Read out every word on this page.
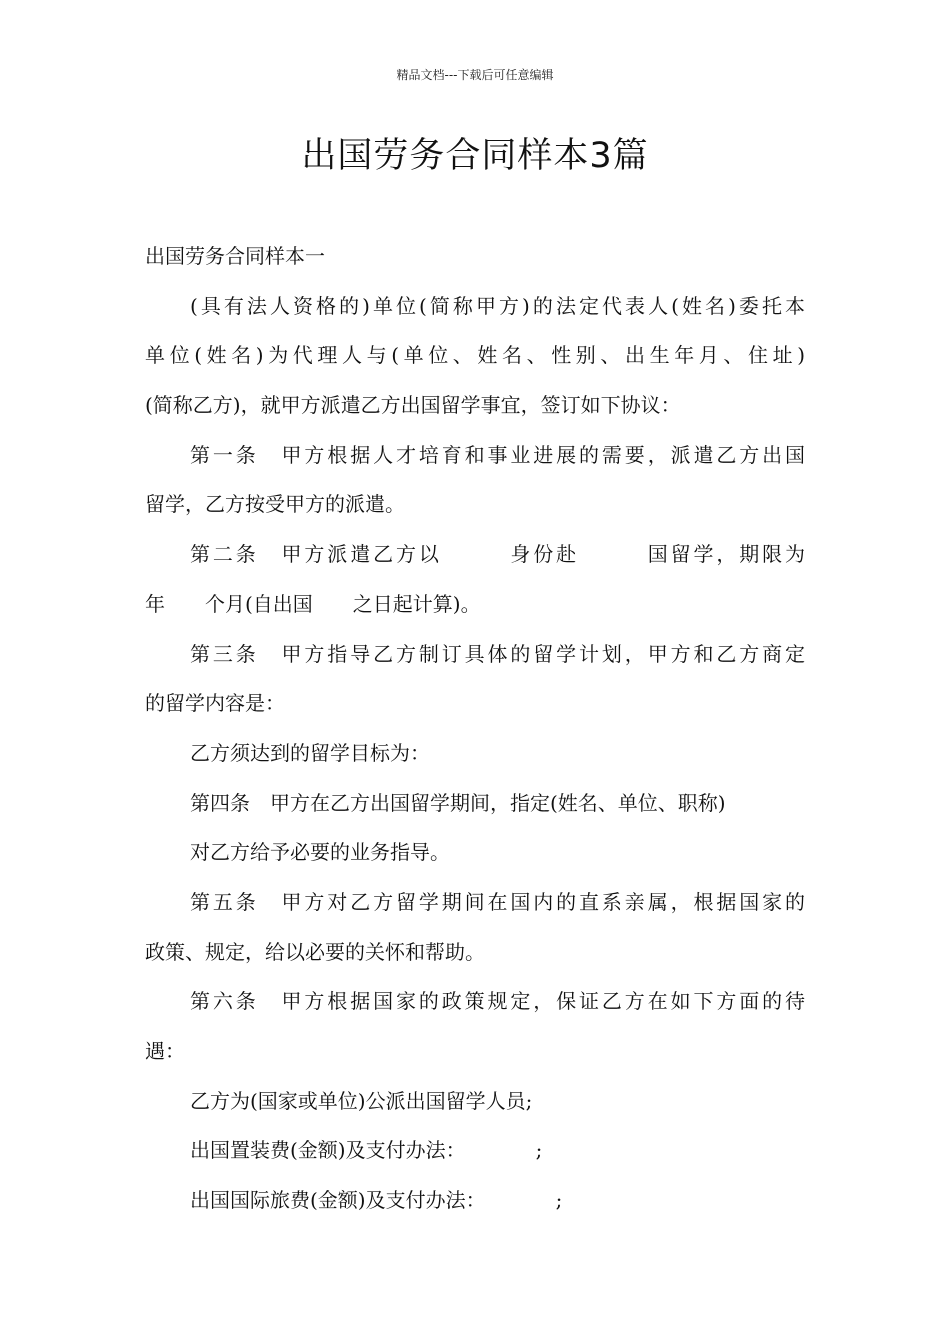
精品文档---下载后可任意编辑
出国劳务合同样本3篇
出国劳务合同样本一
(具有法人资格的)单位(简称甲方)的法定代表人(姓名)委托本
单位(姓名)为代理人与(单位、姓名、性别、出生年月、住址)
(简称乙方)，就甲方派遣乙方出国留学事宜，签订如下协议：
第一条　甲方根据人才培育和事业进展的需要，派遣乙方出国
留学，乙方按受甲方的派遣。
第二条　甲方派遣乙方以　　　身份赴　　　国留学，期限为
年　　个月(自出国　　之日起计算)。
第三条　甲方指导乙方制订具体的留学计划，甲方和乙方商定
的留学内容是：
乙方须达到的留学目标为：
第四条　甲方在乙方出国留学期间，指定(姓名、单位、职称)
对乙方给予必要的业务指导。
第五条　甲方对乙方留学期间在国内的直系亲属，根据国家的
政策、规定，给以必要的关怀和帮助。
第六条　甲方根据国家的政策规定，保证乙方在如下方面的待
遇：
乙方为(国家或单位)公派出国留学人员;
出国置装费(金额)及支付办法：　　　　;
出国国际旅费(金额)及支付办法：　　　　;
